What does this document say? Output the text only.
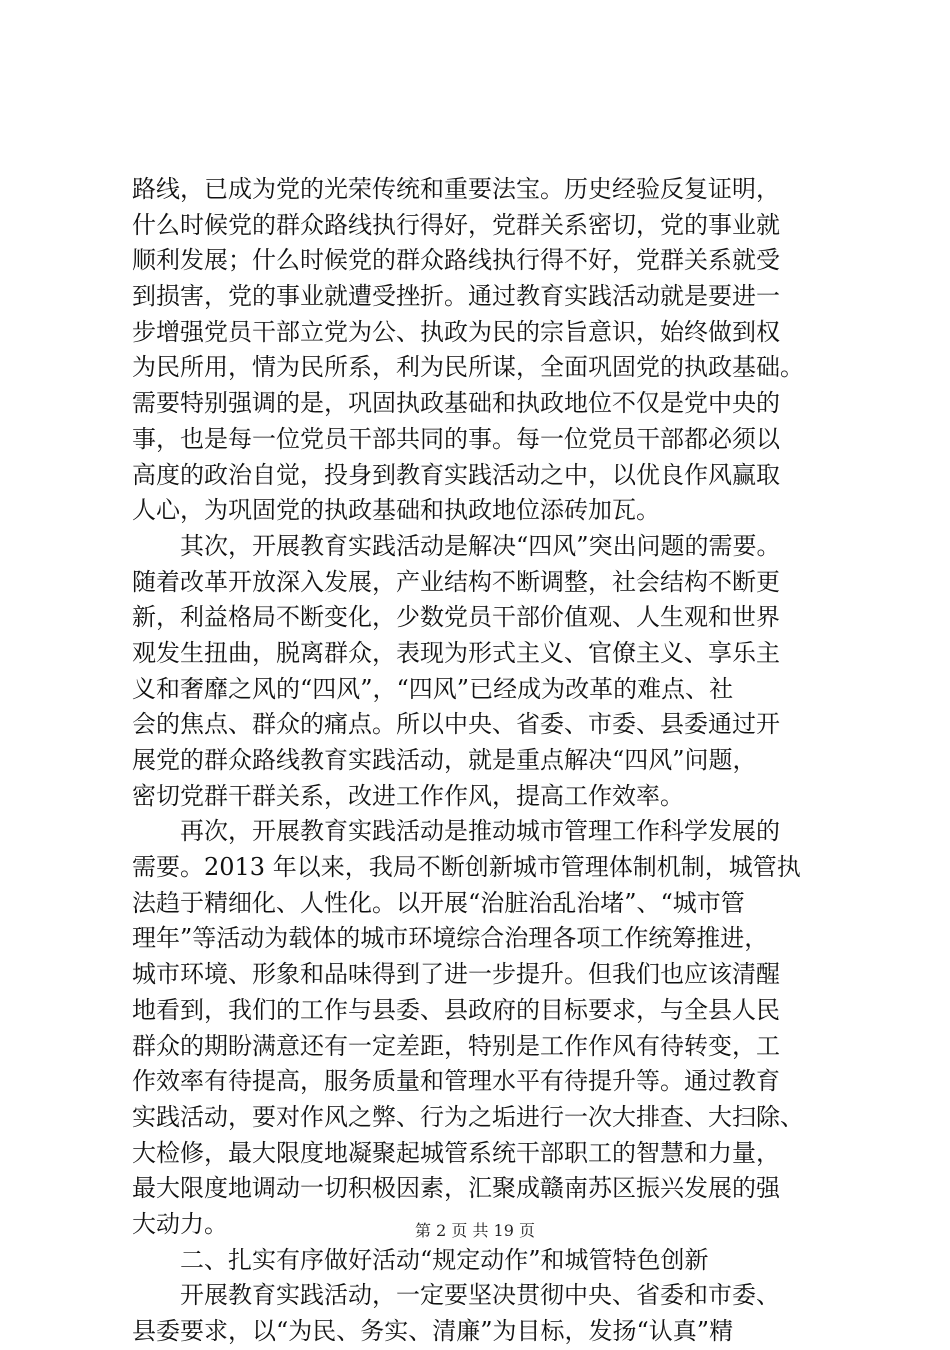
路线，已成为党的光荣传统和重要法宝。历史经验反复证明，
什么时候党的群众路线执行得好，党群关系密切，党的事业就
顺利发展；什么时候党的群众路线执行得不好，党群关系就受
到损害，党的事业就遭受挫折。通过教育实践活动就是要进一
步增强党员干部立党为公、执政为民的宗旨意识，始终做到权
为民所用，情为民所系，利为民所谋，全面巩固党的执政基础。
需要特别强调的是，巩固执政基础和执政地位不仅是党中央的
事，也是每一位党员干部共同的事。每一位党员干部都必须以
高度的政治自觉，投身到教育实践活动之中，以优良作风赢取
人心，为巩固党的执政基础和执政地位添砖加瓦。
　　其次，开展教育实践活动是解决“四风”突出问题的需要。
随着改革开放深入发展，产业结构不断调整，社会结构不断更
新，利益格局不断变化，少数党员干部价值观、人生观和世界
观发生扭曲，脱离群众，表现为形式主义、官僚主义、享乐主
义和奢靡之风的“四风”，“四风”已经成为改革的难点、社
会的焦点、群众的痛点。所以中央、省委、市委、县委通过开
展党的群众路线教育实践活动，就是重点解决“四风”问题，
密切党群干群关系，改进工作作风，提高工作效率。
　　再次，开展教育实践活动是推动城市管理工作科学发展的
需要。2013 年以来，我局不断创新城市管理体制机制，城管执
法趋于精细化、人性化。以开展“治脏治乱治堵”、“城市管
理年”等活动为载体的城市环境综合治理各项工作统筹推进，
城市环境、形象和品味得到了进一步提升。但我们也应该清醒
地看到，我们的工作与县委、县政府的目标要求，与全县人民
群众的期盼满意还有一定差距，特别是工作作风有待转变，工
作效率有待提高，服务质量和管理水平有待提升等。通过教育
实践活动，要对作风之弊、行为之垢进行一次大排查、大扫除、
大检修，最大限度地凝聚起城管系统干部职工的智慧和力量，
最大限度地调动一切积极因素，汇聚成赣南苏区振兴发展的强
大动力。
　　二、扎实有序做好活动“规定动作”和城管特色创新
　　开展教育实践活动，一定要坚决贯彻中央、省委和市委、
县委要求，以“为民、务实、清廉”为目标，发扬“认真”精
第 2 页 共 19 页
